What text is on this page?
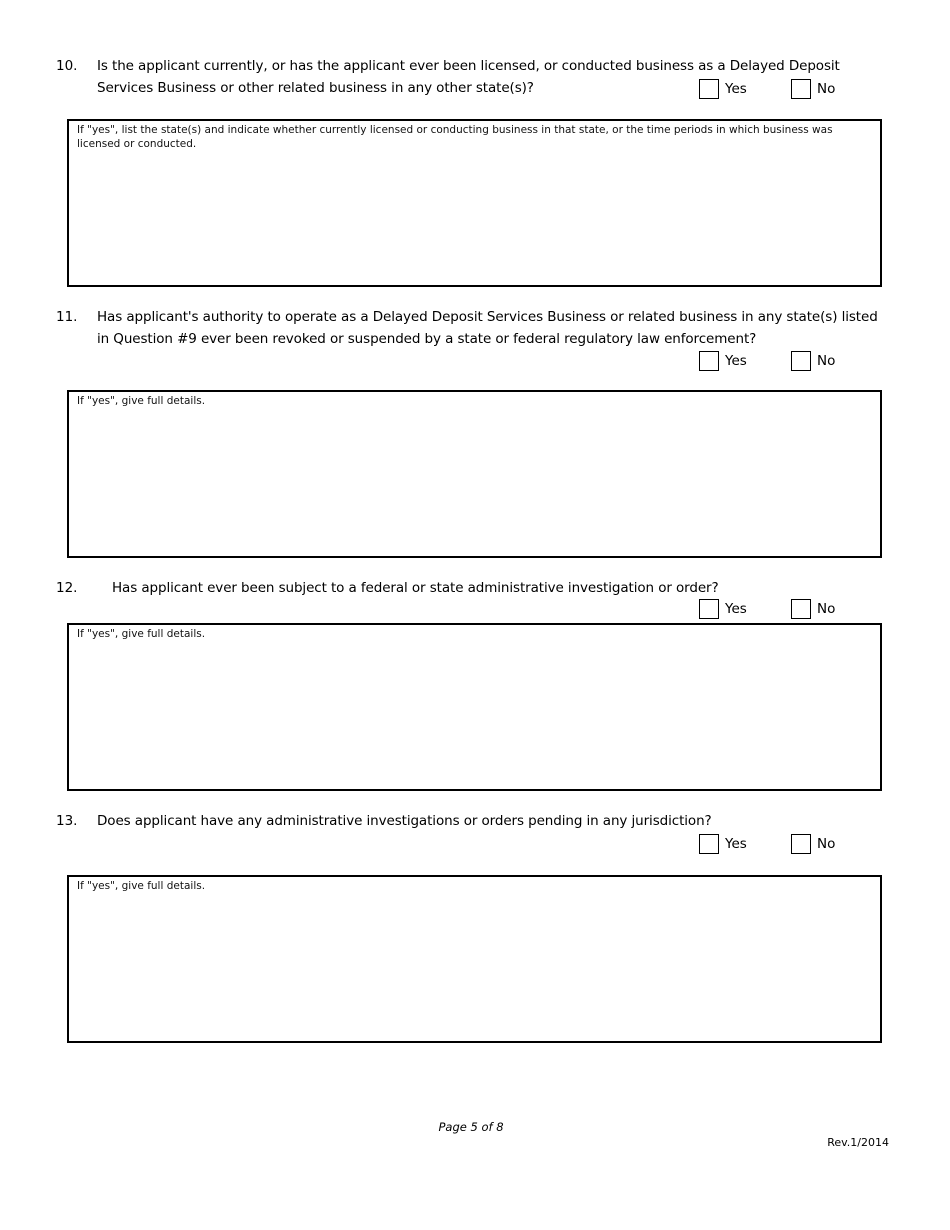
10. Is the applicant currently, or has the applicant ever been licensed, or conducted business as a Delayed Deposit
Services Business or other related business in any other state(s)?	Yes	No
If "yes", list the state(s) and indicate whether currently licensed or conducting business in that state, or the time periods in which business was licensed or conducted.
11. Has applicant's authority to operate as a Delayed Deposit Services Business or related business in any state(s) listed
in Question #9 ever been revoked or suspended by a state or federal regulatory law enforcement?
Yes	No
If "yes", give full details.
12.	Has applicant ever been subject to a federal or state administrative investigation or order?
Yes	No
If "yes", give full details.
13. Does applicant have any administrative investigations or orders pending in any jurisdiction?
Yes	No
If "yes", give full details.
Page 5 of 8
Rev.1/2014
